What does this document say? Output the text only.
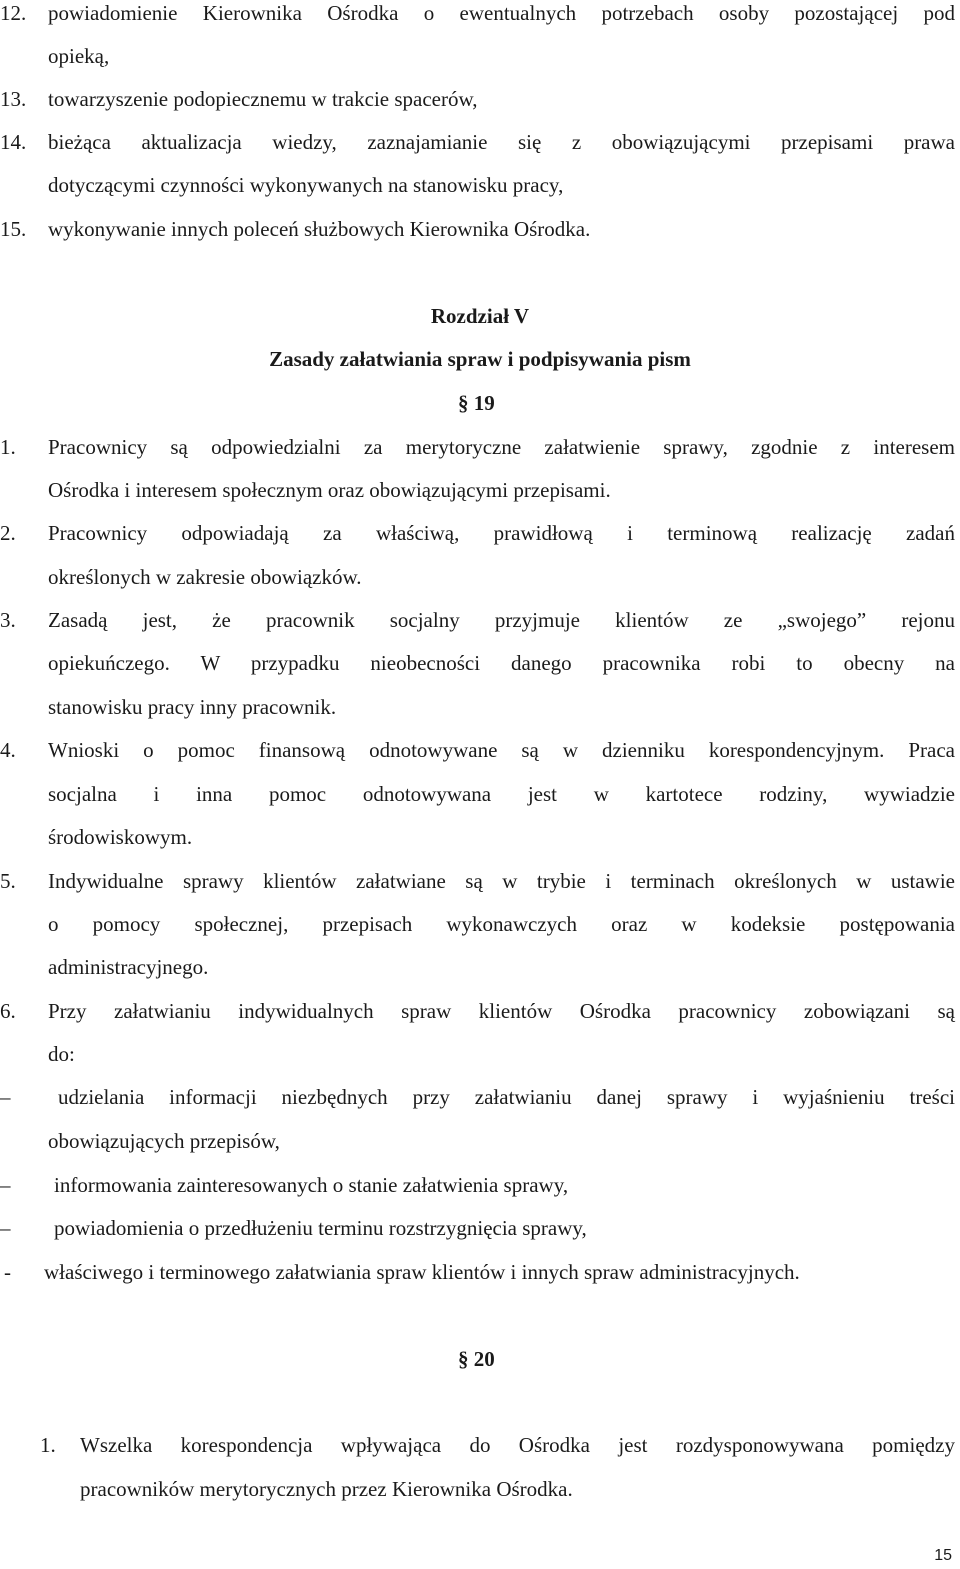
12. powiadomienie Kierownika Ośrodka o ewentualnych potrzebach osoby pozostającej pod
opieką,
13. towarzyszenie podopiecznemu w trakcie spacerów,
14. bieżąca aktualizacja wiedzy, zaznajamianie się z obowiązującymi przepisami prawa
dotyczącymi czynności wykonywanych na stanowisku pracy,
15. wykonywanie innych poleceń służbowych Kierownika Ośrodka.
Rozdział V
Zasady załatwiania spraw i podpisywania pism
§ 19
1. Pracownicy są odpowiedzialni za merytoryczne załatwienie sprawy, zgodnie z interesem
Ośrodka i interesem społecznym oraz obowiązującymi przepisami.
2. Pracownicy odpowiadają za właściwą, prawidłową i terminową realizację zadań
określonych w zakresie obowiązków.
3. Zasadą jest, że pracownik socjalny przyjmuje klientów ze „swojego” rejonu
opiekuńczego. W przypadku nieobecności danego pracownika robi to obecny na
stanowisku pracy inny pracownik.
4. Wnioski o pomoc finansową odnotowywane są w dzienniku korespondencyjnym. Praca
socjalna i inna pomoc odnotowywana jest w kartotece rodziny, wywiadzie
środowiskowym.
5. Indywidualne sprawy klientów załatwiane są w trybie i terminach określonych w ustawie
o pomocy społecznej, przepisach wykonawczych oraz w kodeksie postępowania
administracyjnego.
6. Przy załatwianiu indywidualnych spraw klientów Ośrodka pracownicy zobowiązani są
do:
– udzielania informacji niezbędnych przy załatwianiu danej sprawy i wyjaśnieniu treści
obowiązujących przepisów,
– informowania zainteresowanych o stanie załatwienia sprawy,
– powiadomienia o przedłużeniu terminu rozstrzygnięcia sprawy,
- właściwego i terminowego załatwiania spraw klientów i innych spraw administracyjnych.
§ 20
1. Wszelka korespondencja wpływająca do Ośrodka jest rozdysponowywana pomiędzy
pracowników merytorycznych przez Kierownika Ośrodka.
15
